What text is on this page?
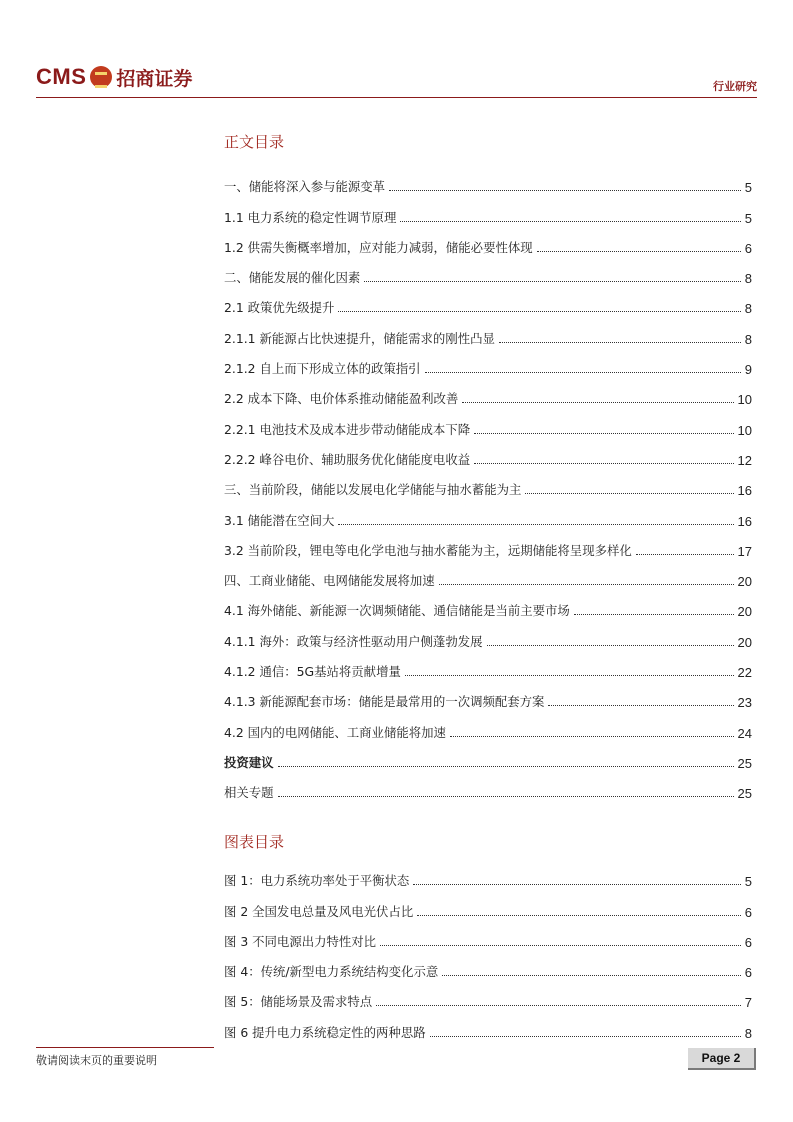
CMS 招商证券	行业研究
正文目录
一、储能将深入参与能源变革	5
1.1 电力系统的稳定性调节原理	5
1.2 供需失衡概率增加，应对能力减弱，储能必要性体现	6
二、储能发展的催化因素	8
2.1 政策优先级提升	8
2.1.1 新能源占比快速提升，储能需求的刚性凸显	8
2.1.2 自上而下形成立体的政策指引	9
2.2 成本下降、电价体系推动储能盈利改善	10
2.2.1 电池技术及成本进步带动储能成本下降	10
2.2.2 峰谷电价、辅助服务优化储能度电收益	12
三、当前阶段，储能以发展电化学储能与抽水蓄能为主	16
3.1 储能潜在空间大	16
3.2 当前阶段，锂电等电化学电池与抽水蓄能为主，远期储能将呈现多样化	17
四、工商业储能、电网储能发展将加速	20
4.1 海外储能、新能源一次调频储能、通信储能是当前主要市场	20
4.1.1 海外：政策与经济性驱动用户侧蓬勃发展	20
4.1.2 通信：5G基站将贡献增量	22
4.1.3 新能源配套市场：储能是最常用的一次调频配套方案	23
4.2 国内的电网储能、工商业储能将加速	24
投资建议	25
相关专题	25
图表目录
图 1：电力系统功率处于平衡状态	5
图 2 全国发电总量及风电光伏占比	6
图 3 不同电源出力特性对比	6
图 4：传统/新型电力系统结构变化示意	6
图 5：储能场景及需求特点	7
图 6 提升电力系统稳定性的两种思路	8
敬请阅读末页的重要说明	Page 2
